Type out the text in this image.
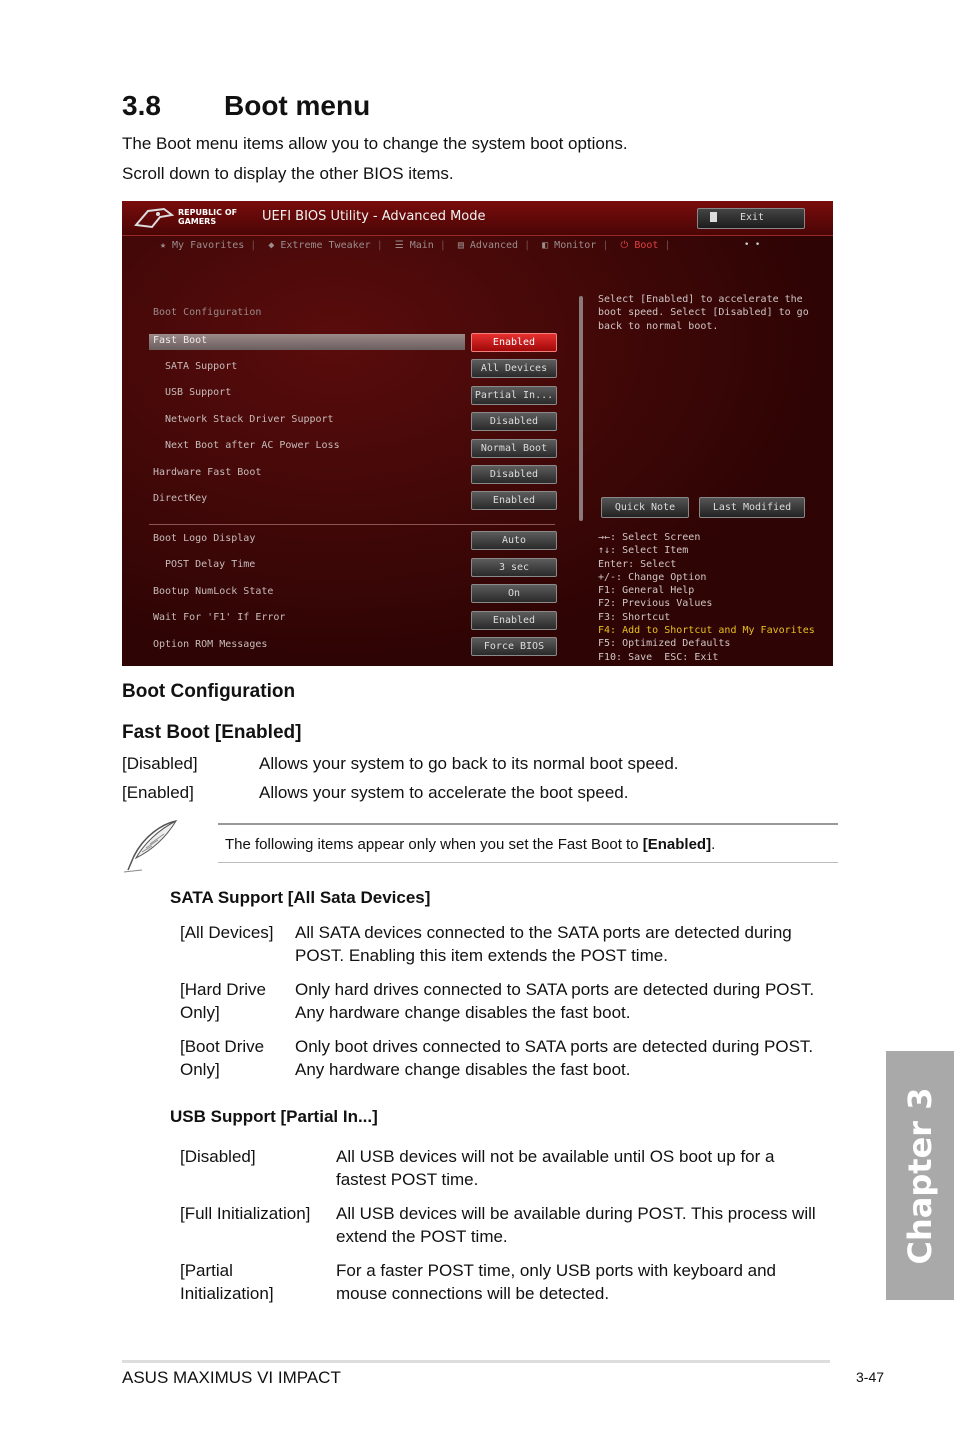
3.8 Boot menu
The Boot menu items allow you to change the system boot options.
Scroll down to display the other BIOS items.
REPUBLIC OF
GAMERS	UEFI BIOS Utility - Advanced Mode	Exit
★ My Favorites | ◆ Extreme Tweaker | ☰ Main | ▤ Advanced | ◧ Monitor | ⏻ Boot |	• •
Boot Configuration
Fast Boot	Enabled
SATA Support	All Devices
USB Support	Partial In...
Network Stack Driver Support	Disabled
Next Boot after AC Power Loss	Normal Boot
Hardware Fast Boot	Disabled
DirectKey	Enabled
Boot Logo Display	Auto
POST Delay Time	3 sec
Bootup NumLock State	On
Wait For 'F1' If Error	Enabled
Option ROM Messages	Force BIOS
Select [Enabled] to accelerate the
boot speed. Select [Disabled] to go
back to normal boot.
Quick Note	Last Modified
→←: Select Screen
↑↓: Select Item
Enter: Select
+/-: Change Option
F1: General Help
F2: Previous Values
F3: Shortcut
F4: Add to Shortcut and My Favorites
F5: Optimized Defaults
F10: Save  ESC: Exit
Boot Configuration
Fast Boot [Enabled]
[Disabled]	Allows your system to go back to its normal boot speed.
[Enabled]	Allows your system to accelerate the boot speed.
The following items appear only when you set the Fast Boot to [Enabled].
SATA Support [All Sata Devices]
[All Devices] All SATA devices connected to the SATA ports are detected during
POST. Enabling this item extends the POST time.
[Hard Drive
Only]
Only hard drives connected to SATA ports are detected during POST.
Any hardware change disables the fast boot.
[Boot Drive
Only]
Only boot drives connected to SATA ports are detected during POST.
Any hardware change disables the fast boot.
USB Support [Partial In...]
[Disabled]	All USB devices will not be available until OS boot up for a
fastest POST time.
[Full Initialization] All USB devices will be available during POST. This process will
extend the POST time.
[Partial
Initialization]
For a faster POST time, only USB ports with keyboard and
mouse connections will be detected.
Chapter 3
ASUS MAXIMUS VI IMPACT	3-47
